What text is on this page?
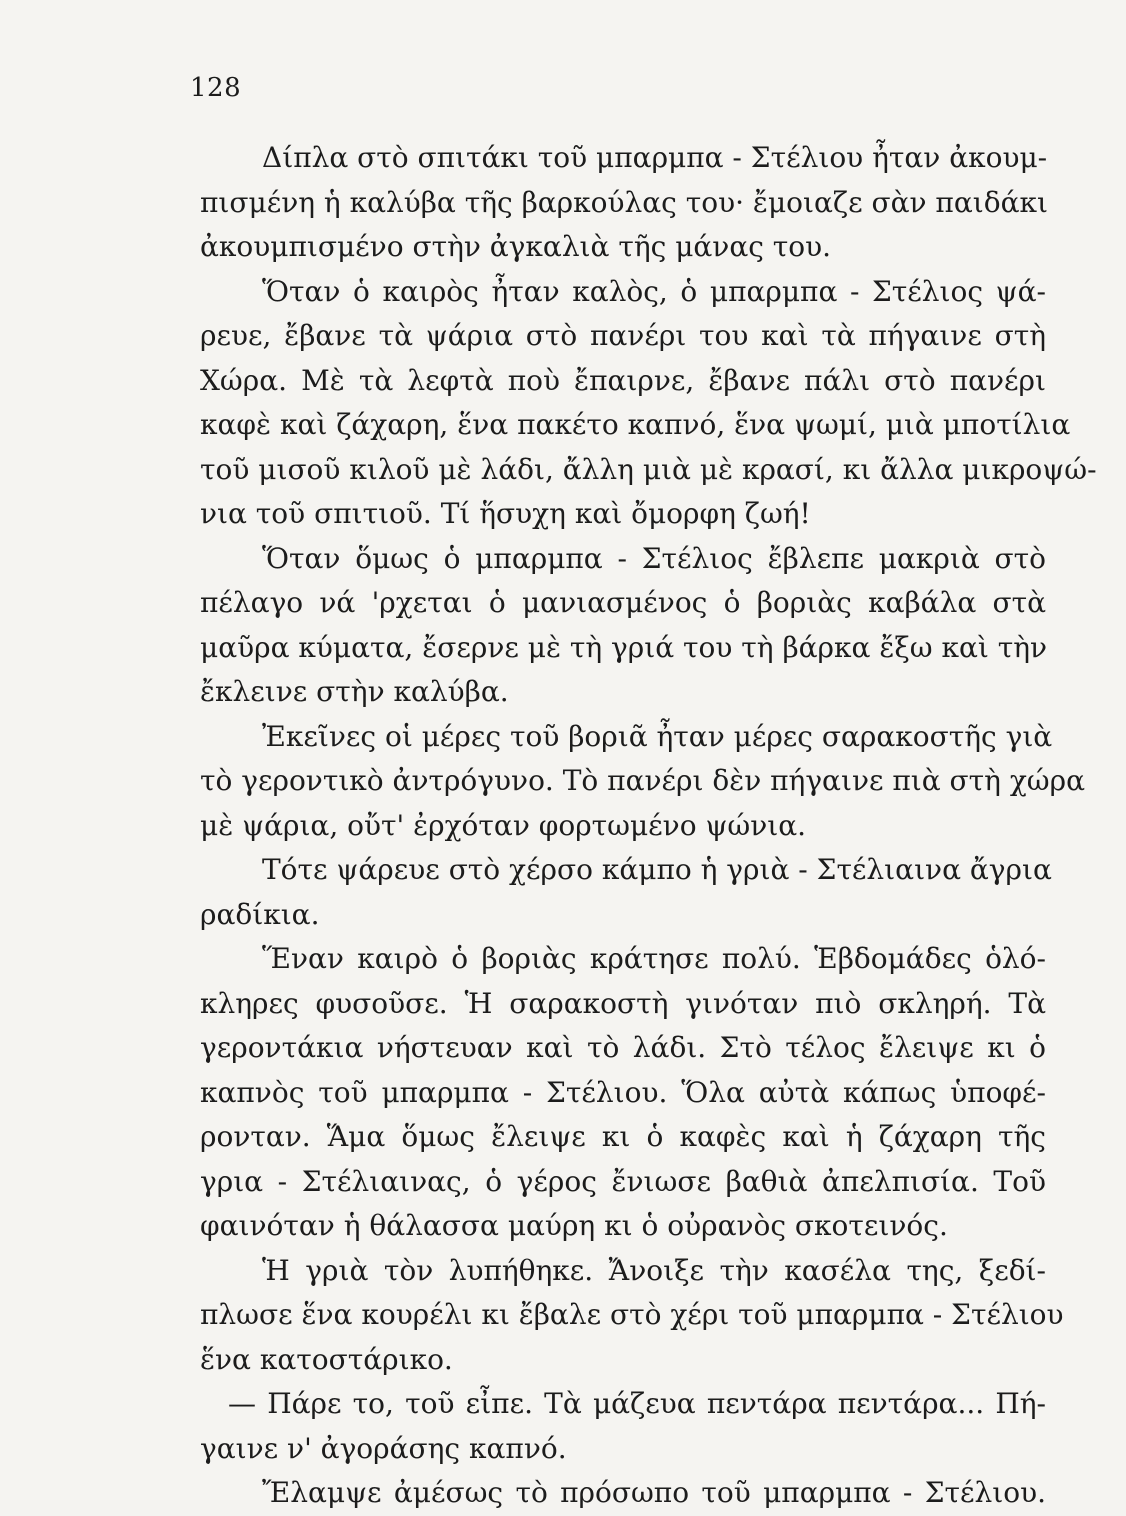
128
Δίπλα στὸ σπιτάκι τοῦ μπαρμπα - Στέλιου ἦταν ἀκουμ-
πισμένη ἡ καλύβα τῆς βαρκούλας του· ἔμοιαζε σὰν παιδάκι
ἀκουμπισμένο στὴν ἀγκαλιὰ τῆς μάνας του.
Ὅταν ὁ καιρὸς ἦταν καλὸς, ὁ μπαρμπα - Στέλιος ψά-
ρευε, ἔβανε τὰ ψάρια στὸ πανέρι του καὶ τὰ πήγαινε στὴ
Χώρα. Μὲ τὰ λεφτὰ ποὺ ἔπαιρνε, ἔβανε πάλι στὸ πανέρι
καφὲ καὶ ζάχαρη, ἕνα πακέτο καπνό, ἕνα ψωμί, μιὰ μποτίλια
τοῦ μισοῦ κιλοῦ μὲ λάδι, ἄλλη μιὰ μὲ κρασί, κι ἄλλα μικροψώ-
νια τοῦ σπιτιοῦ. Τί ἥσυχη καὶ ὄμορφη ζωή!
Ὅταν ὅμως ὁ μπαρμπα - Στέλιος ἔβλεπε μακριὰ στὸ
πέλαγο νά 'ρχεται ὁ μανιασμένος ὁ βοριὰς καβάλα στὰ
μαῦρα κύματα, ἔσερνε μὲ τὴ γριά του τὴ βάρκα ἔξω καὶ τὴν
ἔκλεινε στὴν καλύβα.
Ἐκεῖνες οἱ μέρες τοῦ βοριᾶ ἦταν μέρες σαρακοστῆς γιὰ
τὸ γεροντικὸ ἀντρόγυνο. Τὸ πανέρι δὲν πήγαινε πιὰ στὴ χώρα
μὲ ψάρια, οὔτ' ἐρχόταν φορτωμένο ψώνια.
Τότε ψάρευε στὸ χέρσο κάμπο ἡ γριὰ - Στέλιαινα ἄγρια
ραδίκια.
Ἕναν καιρὸ ὁ βοριὰς κράτησε πολύ. Ἑβδομάδες ὁλό-
κληρες φυσοῦσε. Ἡ σαρακοστὴ γινόταν πιὸ σκληρή. Τὰ
γεροντάκια νήστευαν καὶ τὸ λάδι. Στὸ τέλος ἔλειψε κι ὁ
καπνὸς τοῦ μπαρμπα - Στέλιου. Ὅλα αὐτὰ κάπως ὑποφέ-
ρονταν. Ἅμα ὅμως ἔλειψε κι ὁ καφὲς καὶ ἡ ζάχαρη τῆς
γρια - Στέλιαινας, ὁ γέρος ἔνιωσε βαθιὰ ἀπελπισία. Τοῦ
φαινόταν ἡ θάλασσα μαύρη κι ὁ οὐρανὸς σκοτεινός.
Ἡ γριὰ τὸν λυπήθηκε. Ἄνοιξε τὴν κασέλα της, ξεδί-
πλωσε ἕνα κουρέλι κι ἔβαλε στὸ χέρι τοῦ μπαρμπα - Στέλιου
ἕνα κατοστάρικο.
— Πάρε το, τοῦ εἶπε. Τὰ μάζευα πεντάρα πεντάρα... Πή-
γαινε ν' ἀγοράσης καπνό.
Ἔλαμψε ἀμέσως τὸ πρόσωπο τοῦ μπαρμπα - Στέλιου.
